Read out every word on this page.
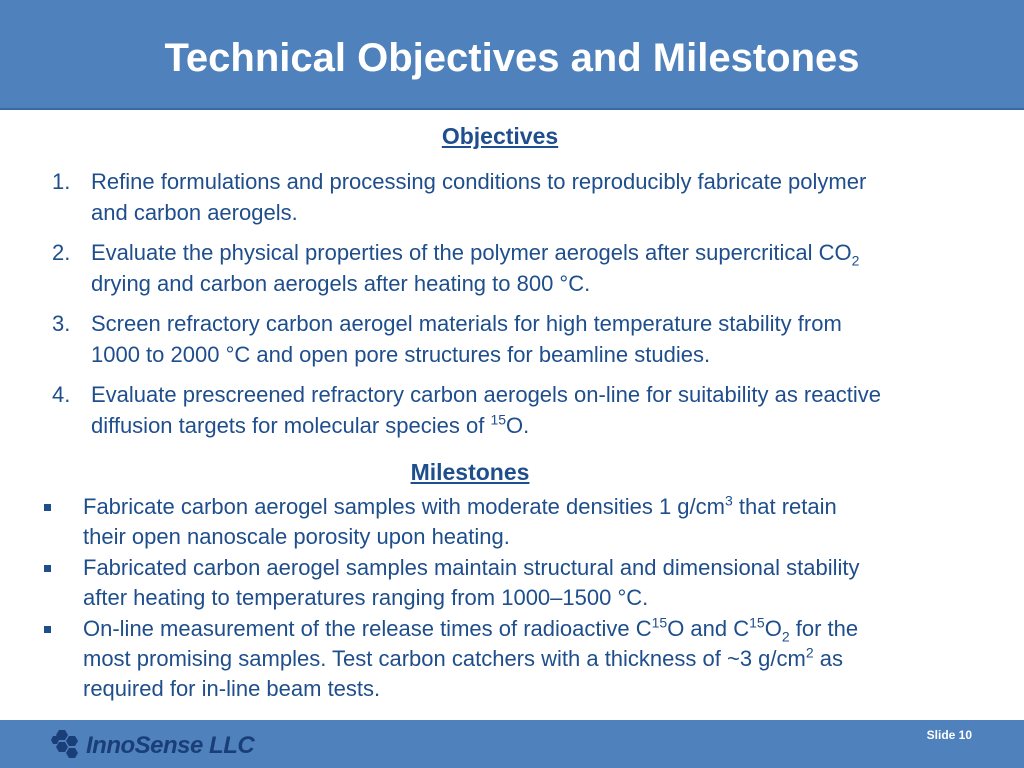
Technical Objectives and Milestones
Objectives
1. Refine formulations and processing conditions to reproducibly fabricate polymer
and carbon aerogels.
2. Evaluate the physical properties of the polymer aerogels after supercritical $CO_2$
drying and carbon aerogels after heating to 800 °C.
3. Screen refractory carbon aerogel materials for high temperature stability from
1000 to 2000 °C and open pore structures for beamline studies.
4. Evaluate prescreened refractory carbon aerogels on-line for suitability as reactive
diffusion targets for molecular species of $^{15}$O.
Milestones
Fabricate carbon aerogel samples with moderate densities 1 $g/cm^3$ that retain
their open nanoscale porosity upon heating.
Fabricated carbon aerogel samples maintain structural and dimensional stability
after heating to temperatures ranging from 1000–1500 °C.
On-line measurement of the release times of radioactive $C^{15}O$ and $C^{15}O_2$ for the
most promising samples. Test carbon catchers with a thickness of ~3 $g/cm^2$ as
required for in-line beam tests.
InnoSense LLC	Slide 10
